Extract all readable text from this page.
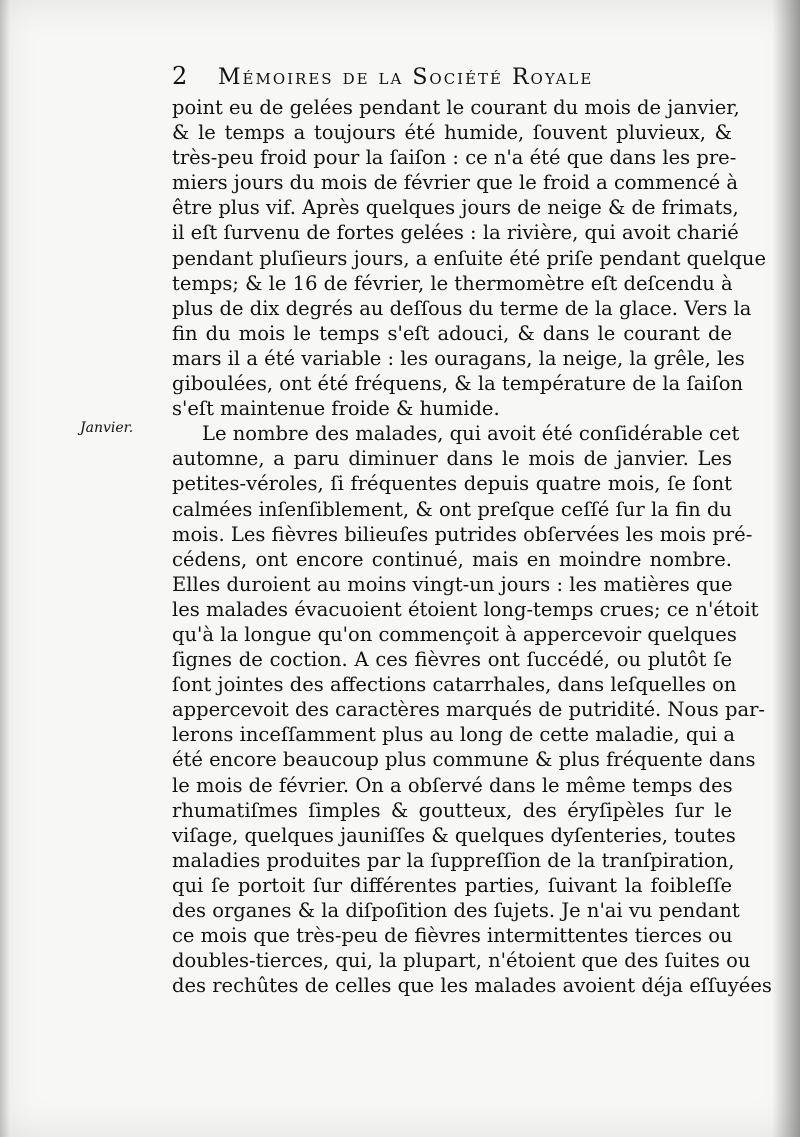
2	Mémoires de la Société Royale
Janvier.
point eu de gelées pendant le courant du mois de janvier,
& le temps a toujours été humide, ſouvent pluvieux, &
très-peu froid pour la ſaiſon : ce n'a été que dans les pre-
miers jours du mois de février que le froid a commencé à
être plus vif. Après quelques jours de neige & de frimats,
il eſt ſurvenu de fortes gelées : la rivière, qui avoit charié
pendant pluſieurs jours, a enſuite été priſe pendant quelque
temps; & le 16 de février, le thermomètre eſt deſcendu à
plus de dix degrés au deſſous du terme de la glace. Vers la
fin du mois le temps s'eſt adouci, & dans le courant de
mars il a été variable : les ouragans, la neige, la grêle, les
giboulées, ont été fréquens, & la température de la ſaiſon
s'eſt maintenue froide & humide.
Le nombre des malades, qui avoit été conſidérable cet
automne, a paru diminuer dans le mois de janvier. Les
petites-véroles, ſi fréquentes depuis quatre mois, ſe ſont
calmées inſenſiblement, & ont preſque ceſſé ſur la fin du
mois. Les fièvres bilieuſes putrides obſervées les mois pré-
cédens, ont encore continué, mais en moindre nombre.
Elles duroient au moins vingt-un jours : les matières que
les malades évacuoient étoient long-temps crues; ce n'étoit
qu'à la longue qu'on commençoit à appercevoir quelques
ſignes de coction. A ces fièvres ont ſuccédé, ou plutôt ſe
ſont jointes des affections catarrhales, dans leſquelles on
appercevoit des caractères marqués de putridité. Nous par-
lerons inceſſamment plus au long de cette maladie, qui a
été encore beaucoup plus commune & plus fréquente dans
le mois de février. On a obſervé dans le même temps des
rhumatiſmes ſimples & goutteux, des éryſipèles ſur le
viſage, quelques jauniſſes & quelques dyſenteries, toutes
maladies produites par la ſuppreſſion de la tranſpiration,
qui ſe portoit ſur différentes parties, ſuivant la foibleſſe
des organes & la diſpoſition des ſujets. Je n'ai vu pendant
ce mois que très-peu de fièvres intermittentes tierces ou
doubles-tierces, qui, la plupart, n'étoient que des ſuites ou
des rechûtes de celles que les malades avoient déja eſſuyées
